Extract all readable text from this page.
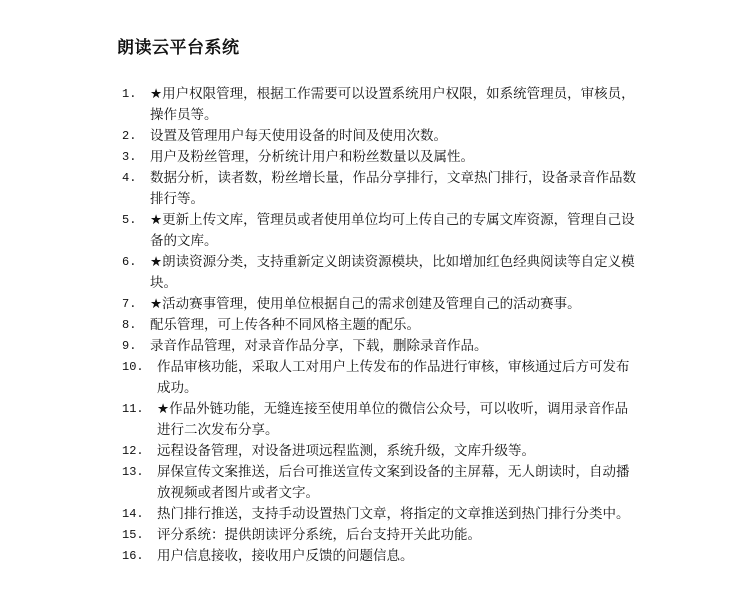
朗读云平台系统
1.	★用户权限管理，根据工作需要可以设置系统用户权限，如系统管理员，审核员，操作员等。
2.	设置及管理用户每天使用设备的时间及使用次数。
3.	用户及粉丝管理，分析统计用户和粉丝数量以及属性。
4.	数据分析，读者数，粉丝增长量，作品分享排行，文章热门排行，设备录音作品数排行等。
5.	★更新上传文库，管理员或者使用单位均可上传自己的专属文库资源，管理自己设备的文库。
6.	★朗读资源分类，支持重新定义朗读资源模块，比如增加红色经典阅读等自定义模块。
7.	★活动赛事管理，使用单位根据自己的需求创建及管理自己的活动赛事。
8.	配乐管理，可上传各种不同风格主题的配乐。
9.	录音作品管理，对录音作品分享，下载，删除录音作品。
10. 作品审核功能，采取人工对用户上传发布的作品进行审核，审核通过后方可发布成功。
11. ★作品外链功能，无缝连接至使用单位的微信公众号，可以收听，调用录音作品进行二次发布分享。
12. 远程设备管理，对设备进项远程监测，系统升级，文库升级等。
13. 屏保宣传文案推送，后台可推送宣传文案到设备的主屏幕，无人朗读时，自动播放视频或者图片或者文字。
14. 热门排行推送，支持手动设置热门文章，将指定的文章推送到热门排行分类中。
15. 评分系统：提供朗读评分系统，后台支持开关此功能。
16. 用户信息接收，接收用户反馈的问题信息。
